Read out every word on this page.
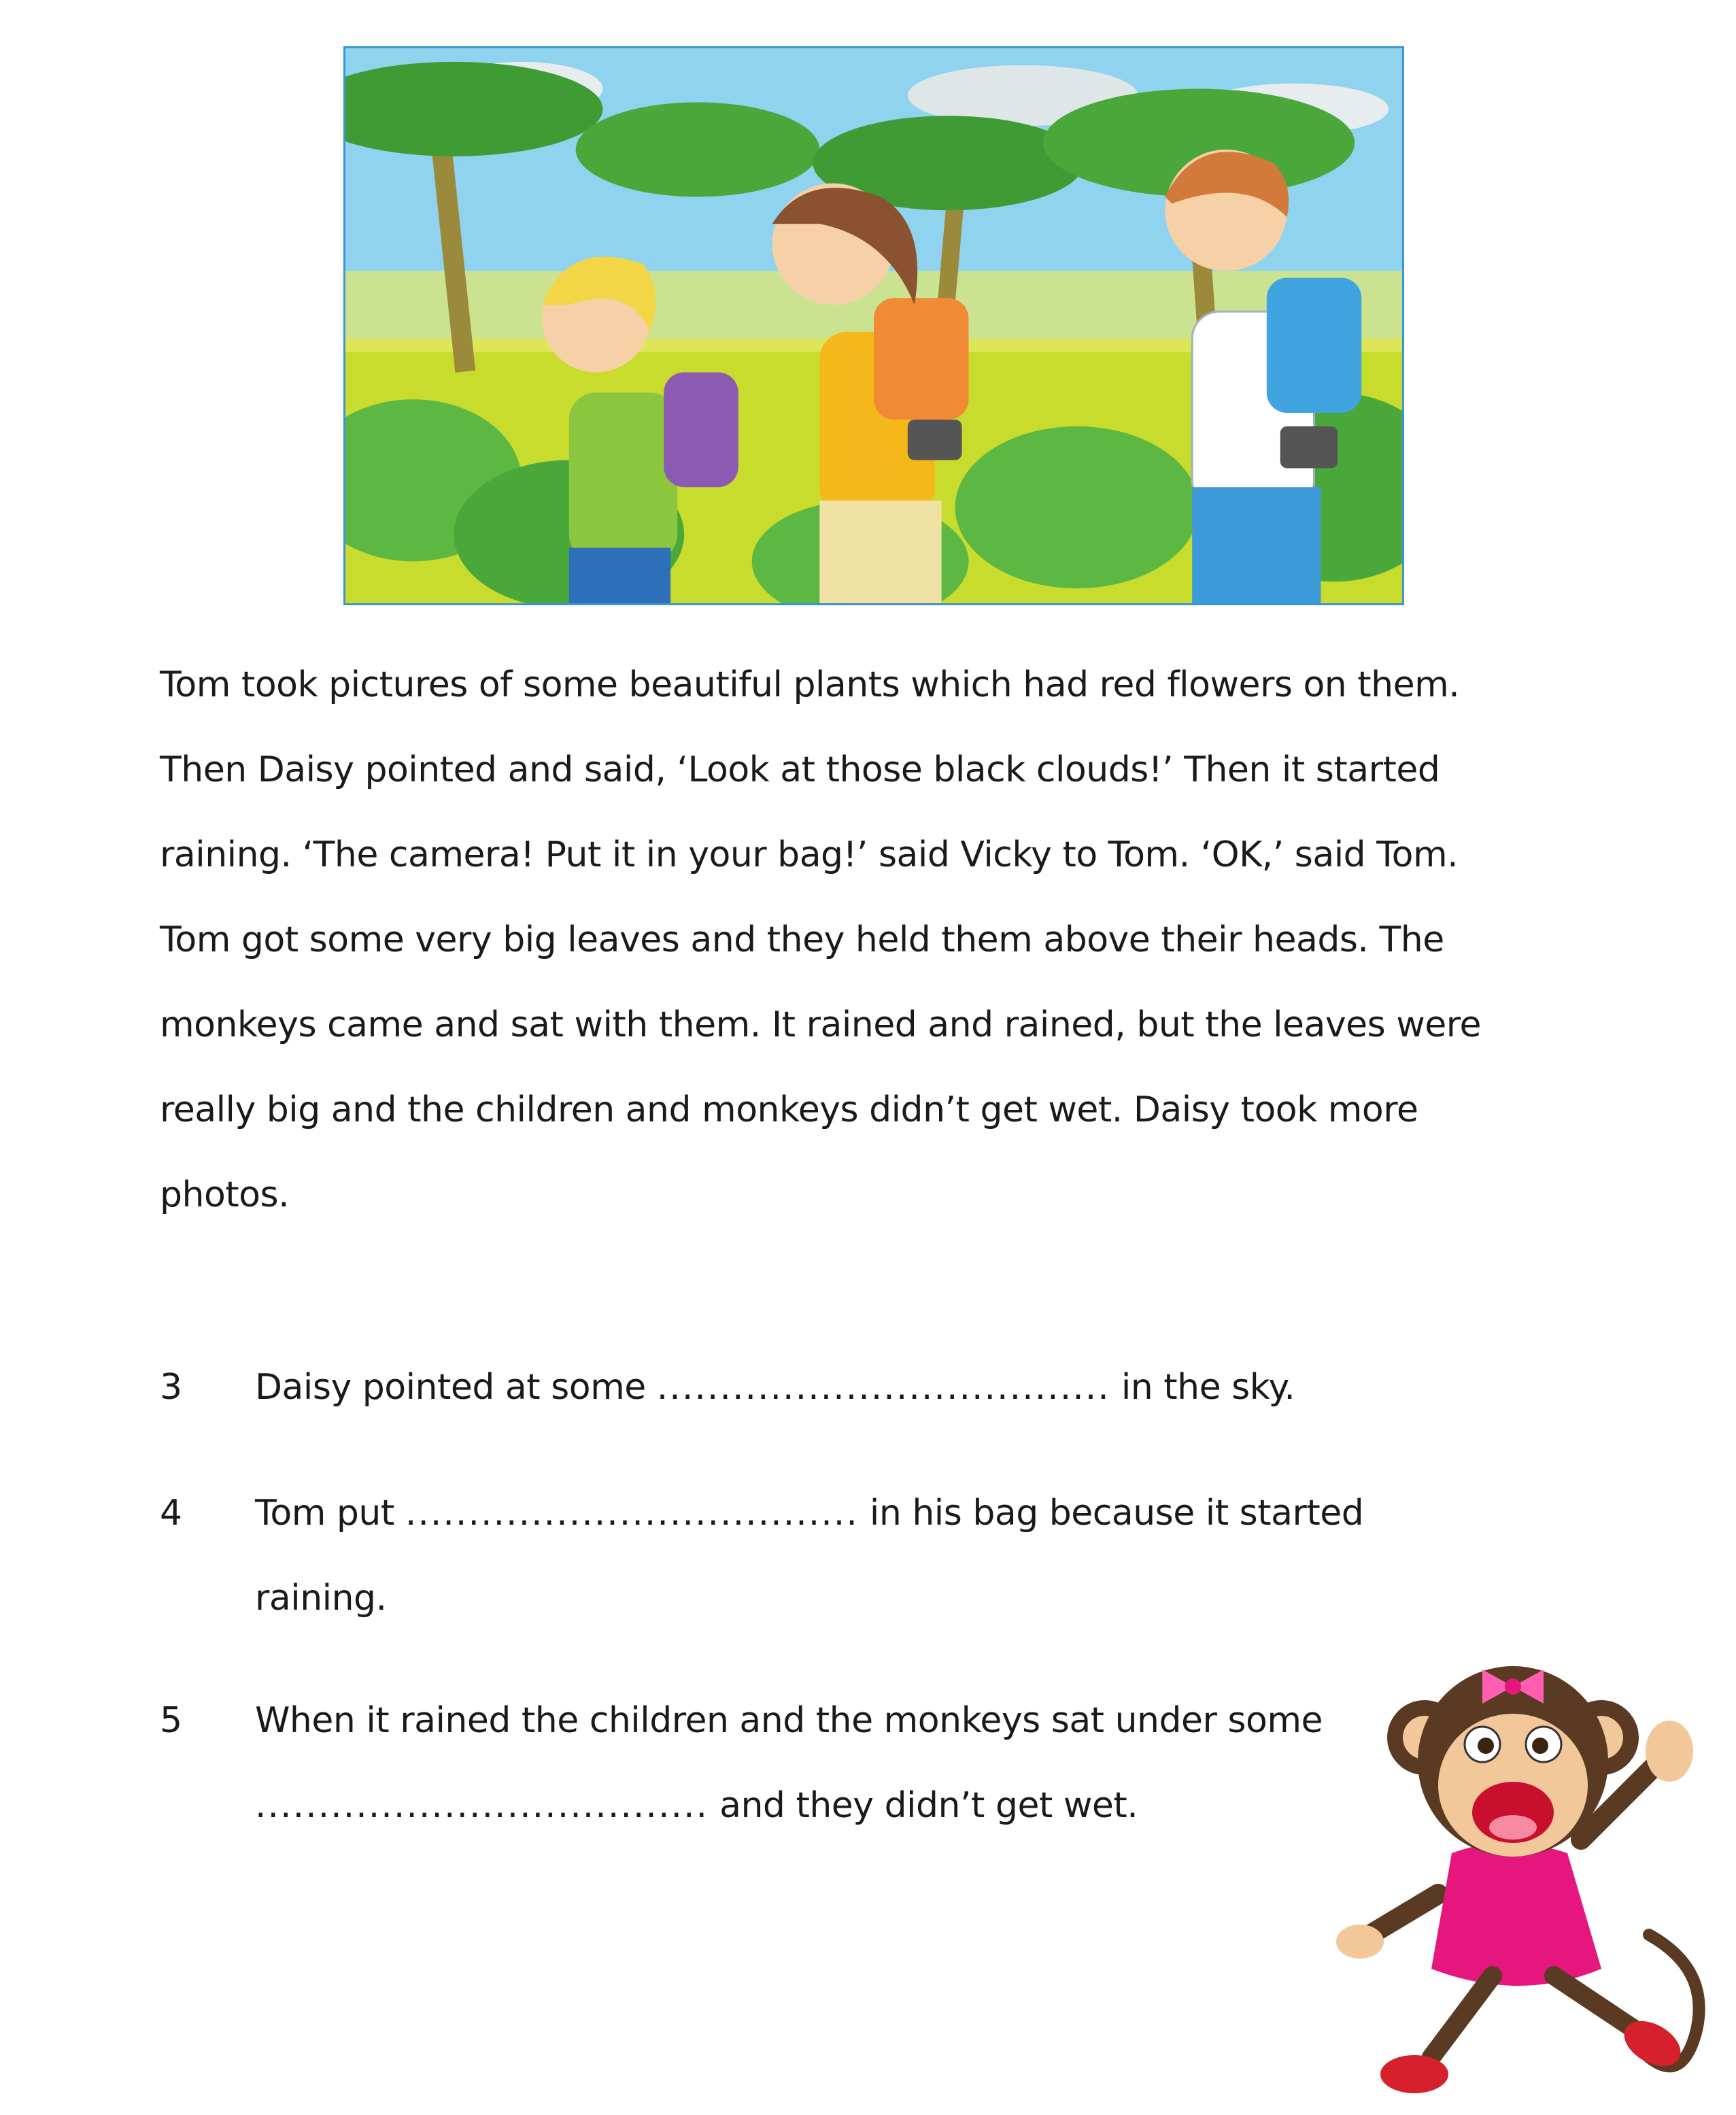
Tom took pictures of some beautiful plants which had red flowers on them.
Then Daisy pointed and said, ‘Look at those black clouds!’ Then it started
raining. ‘The camera! Put it in your bag!’ said Vicky to Tom. ‘OK,’ said Tom.
Tom got some very big leaves and they held them above their heads. The
monkeys came and sat with them. It rained and rained, but the leaves were
really big and the children and monkeys didn’t get wet. Daisy took more
photos.
3 Daisy pointed at some .................................... in the sky.
4 Tom put .................................... in his bag because it started
raining.
5 When it rained the children and the monkeys sat under some
.................................... and they didn’t get wet.
